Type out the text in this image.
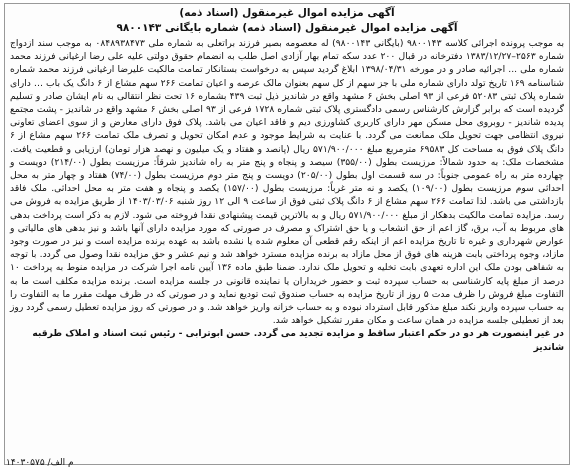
آگهی مزایده اموال غیرمنقول (اسناد ذمه)
آگهی مزایده اموال غیرمنقول (اسناد ذمه) شماره بایگانی ۹۸۰۰۱۴۳

به موجب پرونده اجرائی کلاسه ۹۸۰۰۱۴۳ (بایگانی ۹۸۰۰۱۴۳) له معصومه بصیر فرزند براتعلی به شماره ملی ۰۸۴۸۹۳۸۴۷۳ به موجب سند ازدواج شماره ۲۵۶۳–۱۳۸۳/۱۲/۲۷ دفترخانه در قبال ۲۰۰ عدد سکه تمام بهار آزادی اصل طلب به انضمام حقوق دولتی علیه علی رضا ارغیانی فرزند محمد شماره ملی ... اجرائیه صادر و در مورخه ۱۳۹۸/۰۴/۳۱ ابلاغ گردید سپس به درخواست بستانکار تمامت مالکیت علیرضا ارغیانی فرزند محمد شماره شناسنامه ۱۶۹ تاریخ تولد دارای شماره ملی با جز سهم از کل سهم بعنوان مالک عرصه و اعیان تمامت ۲۶۶ سهم مشاع از ۶ دانگ یک باب … دارای شماره پلاک ثبتی ۵۲۰۸۳ فرعی از ۹۳ اصلی بخش ۶ مشهد واقع در شاندیز ذیل ثبت ۴۳۹ بشماره ۱۶ تحت نظر انتقالی به نام ایشان صادر و تسلیم گردیده است که برابر گزارش کارشناس رسمی دادگستری پلاک ثبتی شماره ۱۷۲۸ فرعی از ۹۳ اصلی بخش ۶ مشهد واقع در شاندیز - پشت مجتمع پدیده شاندیز - روبروی محل مسکن مهر دارای کاربری کشاورزی دیم و فاقد اعیان می باشد. پلاک فوق دارای معارض و از سوی اعضای تعاونی نیروی انتظامی جهت تحویل ملک ممانعت می گردد. با عنایت به شرایط موجود و عدم امکان تحویل و تصرف ملک تمامت ۲۶۶ سهم مشاع از ۶ دانگ پلاک فوق به مساحت کل ۶۹۵۸۳ مترمربع مبلغ ۵۷۱/۹۰۰/۰۰۰ ریال (پانصد و هفتاد و یک میلیون و نهصد هزار تومان) ارزیابی و قطعیت یافت. مشخصات ملک: به حدود شمالاً: مرزیست بطول (۳۵۵/۰۰) سیصد و پنجاه و پنج متر به راه شاندیز شرقاً: مرزیست بطول (۲۱۴/۰۰) دویست و چهارده متر به راه عمومی جنوباً: در سه قسمت اول بطول (۲۰۵/۰۰) دویست و پنج متر دوم مرزیست بطول (۷۴/۰۰) هفتاد و چهار متر به محل احداثی سوم مرزیست بطول (۱۰۹/۰۰) یکصد و نه متر غرباً: مرزیست بطول (۱۵۷/۰۰) یکصد و پنجاه و هفت متر به محل احداثی. ملک فاقد بازداشتی می باشد. لذا تمامت ۲۶۶ سهم مشاع از ۶ دانگ پلاک ثبتی فوق از ساعت ۹ الی ۱۲ روز شنبه ۱۴۰۳/۰۳/۰۶ از طریق مزایده به فروش می رسد. مزایده تمامت مالکیت بدهکار از مبلغ ۵۷۱/۹۰۰/۰۰۰ ریال و به بالاترین قیمت پیشنهادی نقدا فروخته می شود. لازم به ذکر است پرداخت بدهی های مربوط به آب، برق، گاز اعم از حق انشعاب و یا حق اشتراک و مصرف در صورتی که مورد مزایده دارای آنها باشد و نیز بدهی های مالیاتی و عوارض شهرداری و غیره تا تاریخ مزایده اعم از اینکه رقم قطعی آن معلوم شده یا نشده باشد به عهده برنده مزایده است و نیز در صورت وجود مازاد، وجوه پرداختی بابت هزینه های فوق از محل مازاد به برنده مزایده مسترد خواهد شد و نیم عشر و حق مزایده نقدا وصول می گردد. با توجه به شفاهی بودن ملک این اداره تعهدی بابت تخلیه و تحویل ملک ندارد. ضمنا طبق ماده ۱۳۶ آیین نامه اجرا شرکت در مزایده منوط به پرداخت ۱۰ درصد از مبلغ پایه کارشناسی به حساب سپرده ثبت و حضور خریداران یا نماینده قانونی در جلسه مزایده است. برنده مزایده مکلف است ما به التفاوت مبلغ فروش را ظرف مدت ۵ روز از تاریخ مزایده به حساب صندوق ثبت تودیع نماید و در صورتی که در ظرف مهلت مقرر ما به التفاوت را به حساب سپرده واریز نکند مبلغ مذکور قابل استرداد نبوده و به حساب خزانه واریز خواهد شد. و در صورتی که روز مزایده تعطیل رسمی گردد روز بعد از تعطیلی جلسه مزایده در همان ساعت و مکان مقرر تشکیل خواهد شد.

در غیر اینصورت هر دو در حکم اعتبار ساقط و مزایده تجدید می گردد. حسن ابوترابی - رئیس ثبت اسناد و املاک طرقبه شاندیز

۱۴۰۳۰۵۷۵ /م الف
